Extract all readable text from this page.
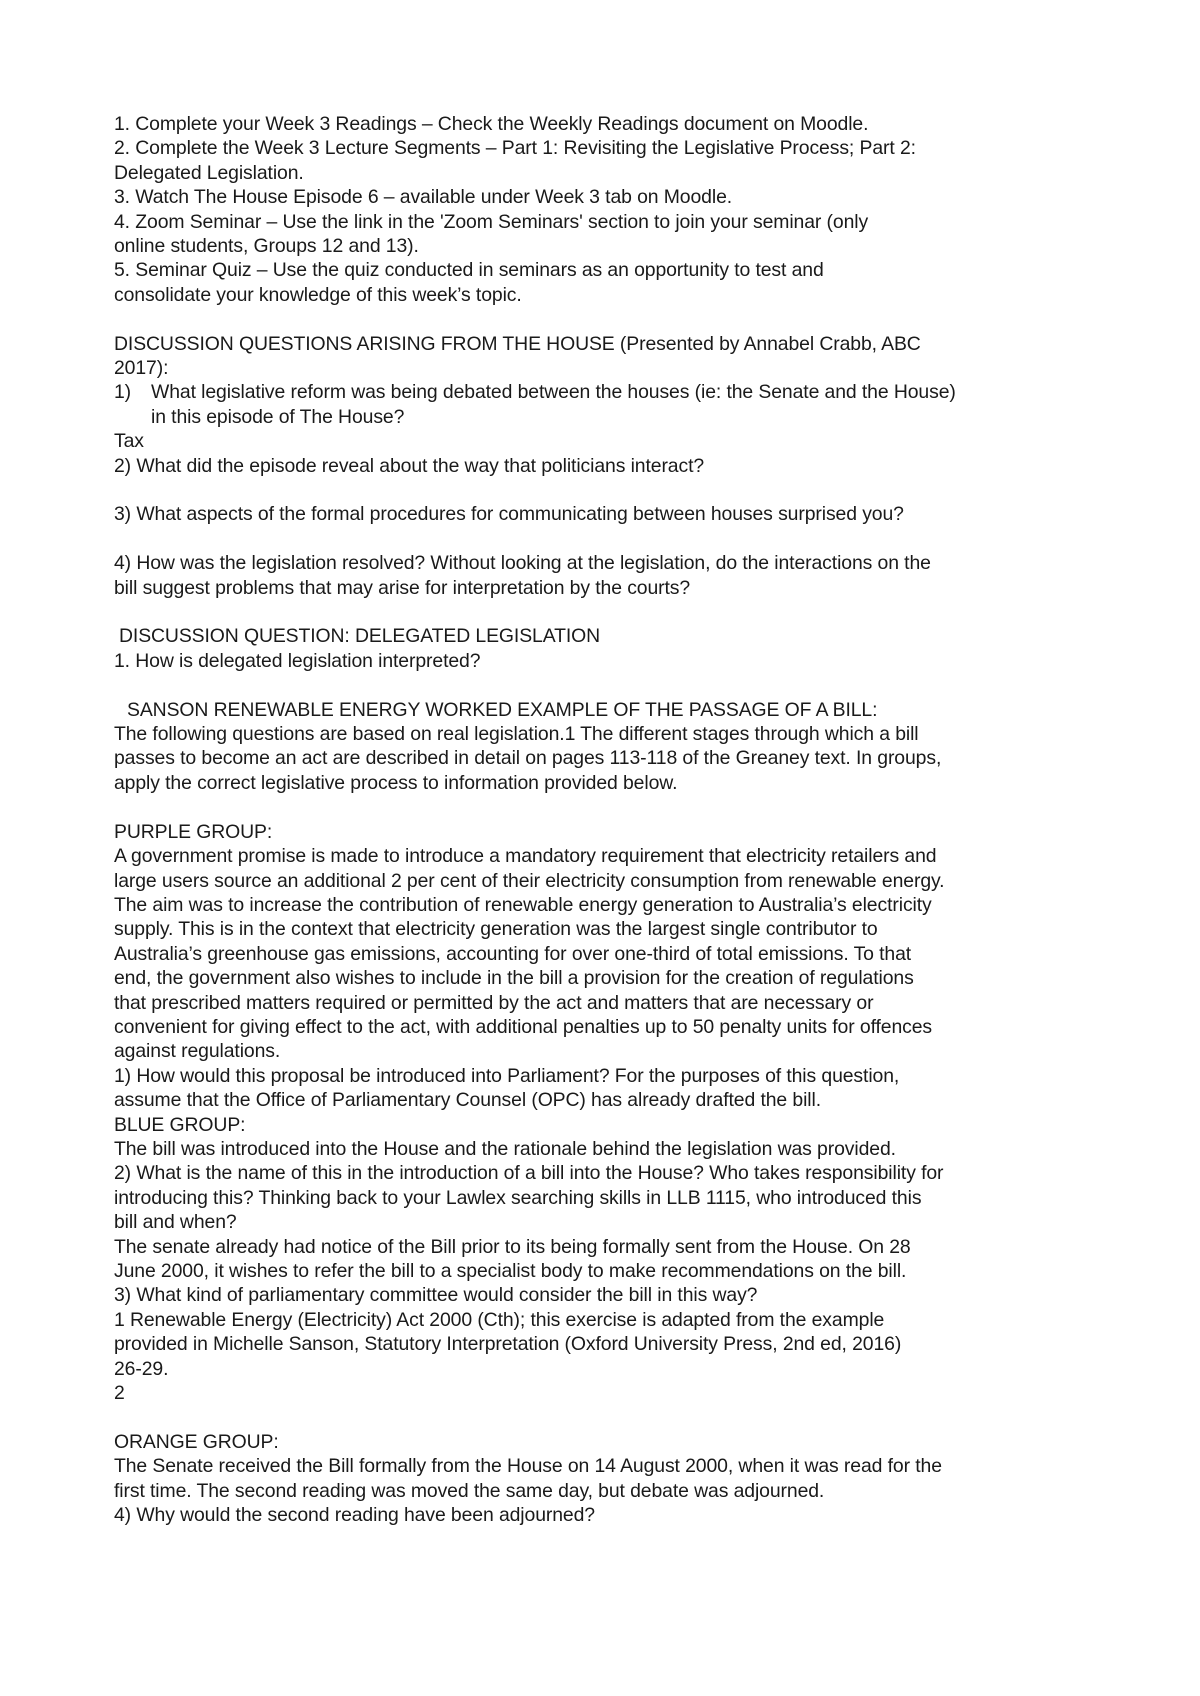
1. Complete your Week 3 Readings – Check the Weekly Readings document on Moodle.
2. Complete the Week 3 Lecture Segments – Part 1: Revisiting the Legislative Process; Part 2:
Delegated Legislation.
3. Watch The House Episode 6 – available under Week 3 tab on Moodle.
4. Zoom Seminar – Use the link in the 'Zoom Seminars' section to join your seminar (only
online students, Groups 12 and 13).
5. Seminar Quiz – Use the quiz conducted in seminars as an opportunity to test and
consolidate your knowledge of this week’s topic.
DISCUSSION QUESTIONS ARISING FROM THE HOUSE (Presented by Annabel Crabb, ABC
2017):
1)	What legislative reform was being debated between the houses (ie: the Senate and the House)
in this episode of The House?
Tax
2) What did the episode reveal about the way that politicians interact?
3) What aspects of the formal procedures for communicating between houses surprised you?
4) How was the legislation resolved? Without looking at the legislation, do the interactions on the
bill suggest problems that may arise for interpretation by the courts?
DISCUSSION QUESTION: DELEGATED LEGISLATION
1. How is delegated legislation interpreted?
SANSON RENEWABLE ENERGY WORKED EXAMPLE OF THE PASSAGE OF A BILL:
The following questions are based on real legislation.1 The different stages through which a bill
passes to become an act are described in detail on pages 113-118 of the Greaney text. In groups,
apply the correct legislative process to information provided below.
PURPLE GROUP:
A government promise is made to introduce a mandatory requirement that electricity retailers and
large users source an additional 2 per cent of their electricity consumption from renewable energy.
The aim was to increase the contribution of renewable energy generation to Australia’s electricity
supply. This is in the context that electricity generation was the largest single contributor to
Australia’s greenhouse gas emissions, accounting for over one-third of total emissions. To that
end, the government also wishes to include in the bill a provision for the creation of regulations
that prescribed matters required or permitted by the act and matters that are necessary or
convenient for giving effect to the act, with additional penalties up to 50 penalty units for offences
against regulations.
1) How would this proposal be introduced into Parliament? For the purposes of this question,
assume that the Office of Parliamentary Counsel (OPC) has already drafted the bill.
BLUE GROUP:
The bill was introduced into the House and the rationale behind the legislation was provided.
2) What is the name of this in the introduction of a bill into the House? Who takes responsibility for
introducing this? Thinking back to your Lawlex searching skills in LLB 1115, who introduced this
bill and when?
The senate already had notice of the Bill prior to its being formally sent from the House. On 28
June 2000, it wishes to refer the bill to a specialist body to make recommendations on the bill.
3) What kind of parliamentary committee would consider the bill in this way?
1 Renewable Energy (Electricity) Act 2000 (Cth); this exercise is adapted from the example
provided in Michelle Sanson, Statutory Interpretation (Oxford University Press, 2nd ed, 2016)
26-29.
2
ORANGE GROUP:
The Senate received the Bill formally from the House on 14 August 2000, when it was read for the
first time. The second reading was moved the same day, but debate was adjourned.
4) Why would the second reading have been adjourned?
